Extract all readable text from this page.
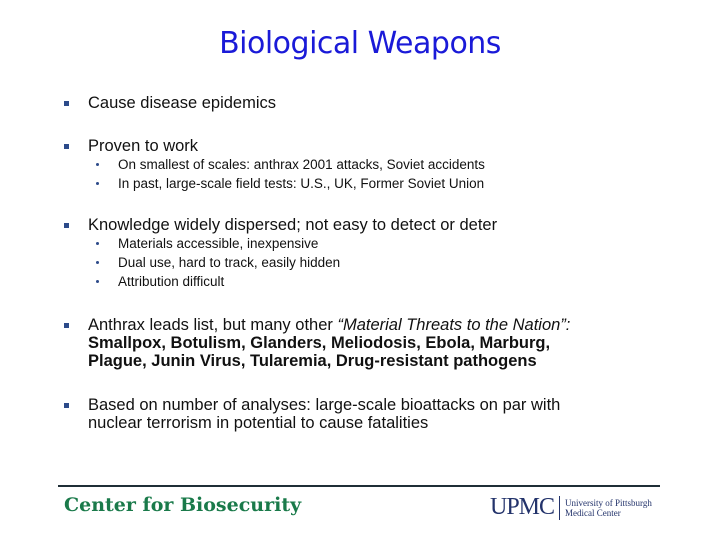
Biological Weapons
Cause disease epidemics
Proven to work
On smallest of scales: anthrax 2001 attacks, Soviet accidents
In past, large-scale field tests: U.S., UK, Former Soviet Union
Knowledge widely dispersed; not easy to detect or deter
Materials accessible, inexpensive
Dual use, hard to track, easily hidden
Attribution difficult
Anthrax leads list, but many other “Material Threats to the Nation”:
Smallpox, Botulism, Glanders, Meliodosis, Ebola, Marburg,
Plague, Junin Virus, Tularemia, Drug-resistant pathogens
Based on number of analyses: large-scale bioattacks on par with
nuclear terrorism in potential to cause fatalities
Center for Biosecurity	UPMC University of Pittsburgh
Medical Center
